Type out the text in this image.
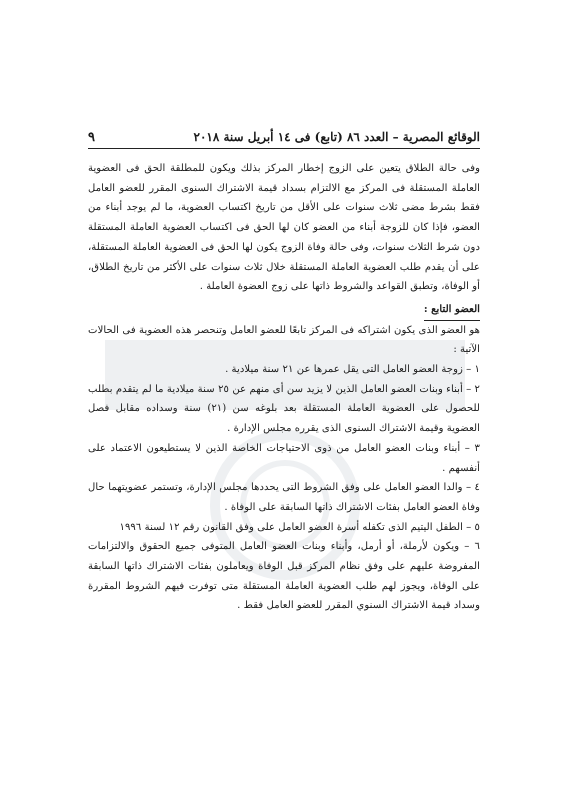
الوقائع المصرية – العدد ٨٦ (تابع) فى ١٤ أبريل سنة ٢٠١٨
٩

وفى حالة الطلاق يتعين على الزوج إخطار المركز بذلك ويكون للمطلقة الحق فى العضوية العاملة المستقلة فى المركز مع الالتزام بسداد قيمة الاشتراك السنوى المقرر للعضو العامل فقط بشرط مضى ثلاث سنوات على الأقل من تاريخ اكتساب العضوية، ما لم يوجد أبناء من العضو، فإذا كان للزوجة أبناء من العضو كان لها الحق فى اكتساب العضوية العاملة المستقلة دون شرط الثلاث سنوات، وفى حالة وفاة الزوج يكون لها الحق فى العضوية العاملة المستقلة، على أن يقدم طلب العضوية العاملة المستقلة خلال ثلاث سنوات على الأكثر من تاريخ الطلاق، أو الوفاة، وتطبق القواعد والشروط ذاتها على زوج العضوة العاملة .

العضو التابع :

هو العضو الذى يكون اشتراكه فى المركز تابعًا للعضو العامل وتنحصر هذه العضوية فى الحالات الآتية :

١ – زوجة العضو العامل التى يقل عمرها عن ٢١ سنة ميلادية .

٢ – أبناء وبنات العضو العامل الذين لا يزيد سن أى منهم عن ٢٥ سنة ميلادية ما لم يتقدم بطلب للحصول على العضوية العاملة المستقلة بعد بلوغه سن (٢١) سنة وسداده مقابل فصل العضوية وقيمة الاشتراك السنوى الذى يقرره مجلس الإدارة .

٣ – أبناء وبنات العضو العامل من ذوى الاحتياجات الخاصة الذين لا يستطيعون الاعتماد على أنفسهم .

٤ – والدا العضو العامل على وفق الشروط التى يحددها مجلس الإدارة، وتستمر عضويتهما حال وفاة العضو العامل بفئات الاشتراك ذاتها السابقة على الوفاة .

٥ – الطفل اليتيم الذى تكفله أسرة العضو العامل على وفق القانون رقم ١٢ لسنة ١٩٩٦

٦ – ويكون لأرملة، أو أرمل، وأبناء وبنات العضو العامل المتوفى جميع الحقوق والالتزامات المفروضة عليهم على وفق نظام المركز قبل الوفاة ويعاملون بفئات الاشتراك ذاتها السابقة على الوفاة، ويجوز لهم طلب العضوية العاملة المستقلة متى توفرت فيهم الشروط المقررة وسداد قيمة الاشتراك السنوي المقرر للعضو العامل فقط .
